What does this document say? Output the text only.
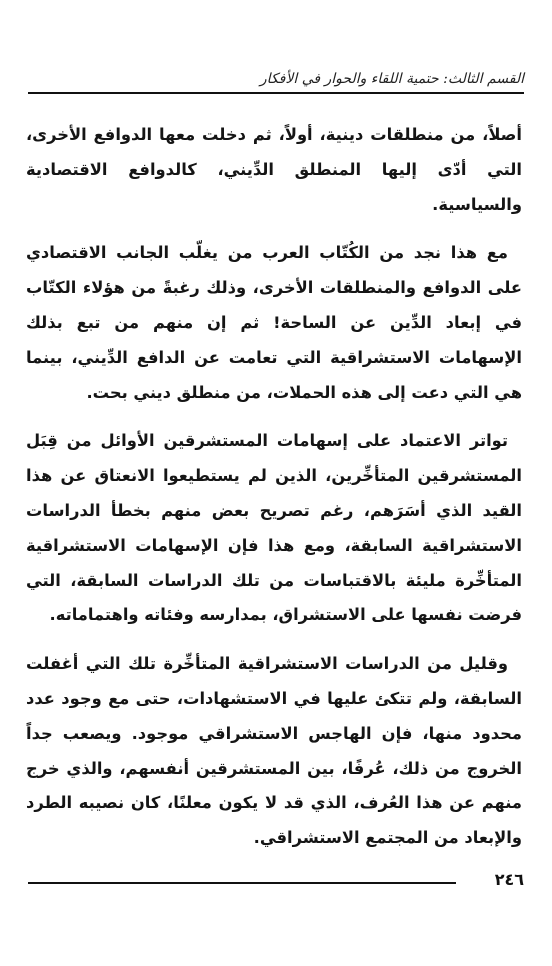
القسم الثالث: حتمية اللقاء والحوار في الأفكار

أصلاً، من منطلقات دينية، أولاً، ثم دخلت معها الدوافع الأخرى، التي أدّى إليها المنطلق الدِّيني، كالدوافع الاقتصادية والسياسية.

مع هذا نجد من الكُتّاب العرب من يغلّب الجانب الاقتصادي على الدوافع والمنطلقات الأخرى، وذلك رغبةً من هؤلاء الكتّاب في إبعاد الدِّين عن الساحة! ثم إن منهم من تبع بذلك الإسهامات الاستشراقية التي تعامت عن الدافع الدِّيني، بينما هي التي دعت إلى هذه الحملات، من منطلق ديني بحت.

تواتر الاعتماد على إسهامات المستشرقين الأوائل من قِبَل المستشرقين المتأخِّرين، الذين لم يستطيعوا الانعتاق عن هذا القيد الذي أسَرَهم، رغم تصريح بعض منهم بخطأ الدراسات الاستشراقية السابقة، ومع هذا فإن الإسهامات الاستشراقية المتأخِّرة مليئة بالاقتباسات من تلك الدراسات السابقة، التي فرضت نفسها على الاستشراق، بمدارسه وفئاته واهتماماته.

وقليل من الدراسات الاستشراقية المتأخِّرة تلك التي أغفلت السابقة، ولم تتكئ عليها في الاستشهادات، حتى مع وجود عدد محدود منها، فإن الهاجس الاستشراقي موجود. ويصعب جداً الخروج من ذلك، عُرفًا، بين المستشرقين أنفسهم، والذي خرج منهم عن هذا العُرف، الذي قد لا يكون معلنًا، كان نصيبه الطرد والإبعاد من المجتمع الاستشراقي.

٢٤٦
